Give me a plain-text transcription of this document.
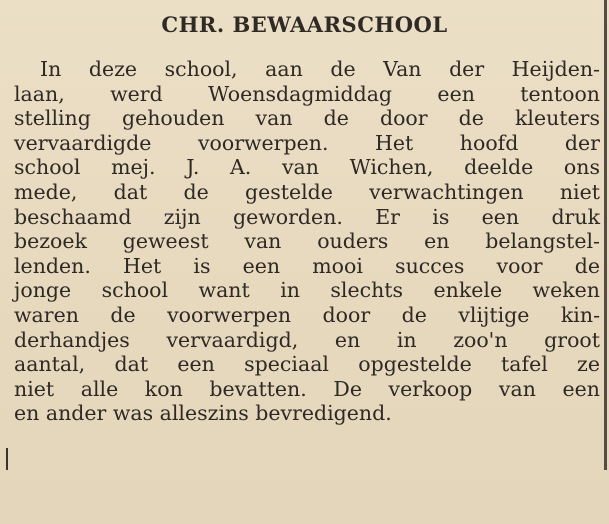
CHR. BEWAARSCHOOL
In deze school, aan de Van der Heijden-
laan, werd Woensdagmiddag een tentoon
stelling gehouden van de door de kleuters
vervaardigde voorwerpen. Het hoofd der
school mej. J. A. van Wichen, deelde ons
mede, dat de gestelde verwachtingen niet
beschaamd zijn geworden. Er is een druk
bezoek geweest van ouders en belangstel-
lenden. Het is een mooi succes voor de
jonge school want in slechts enkele weken
waren de voorwerpen door de vlijtige kin-
derhandjes vervaardigd, en in zoo'n groot
aantal, dat een speciaal opgestelde tafel ze
niet alle kon bevatten. De verkoop van een
en ander was alleszins bevredigend.
